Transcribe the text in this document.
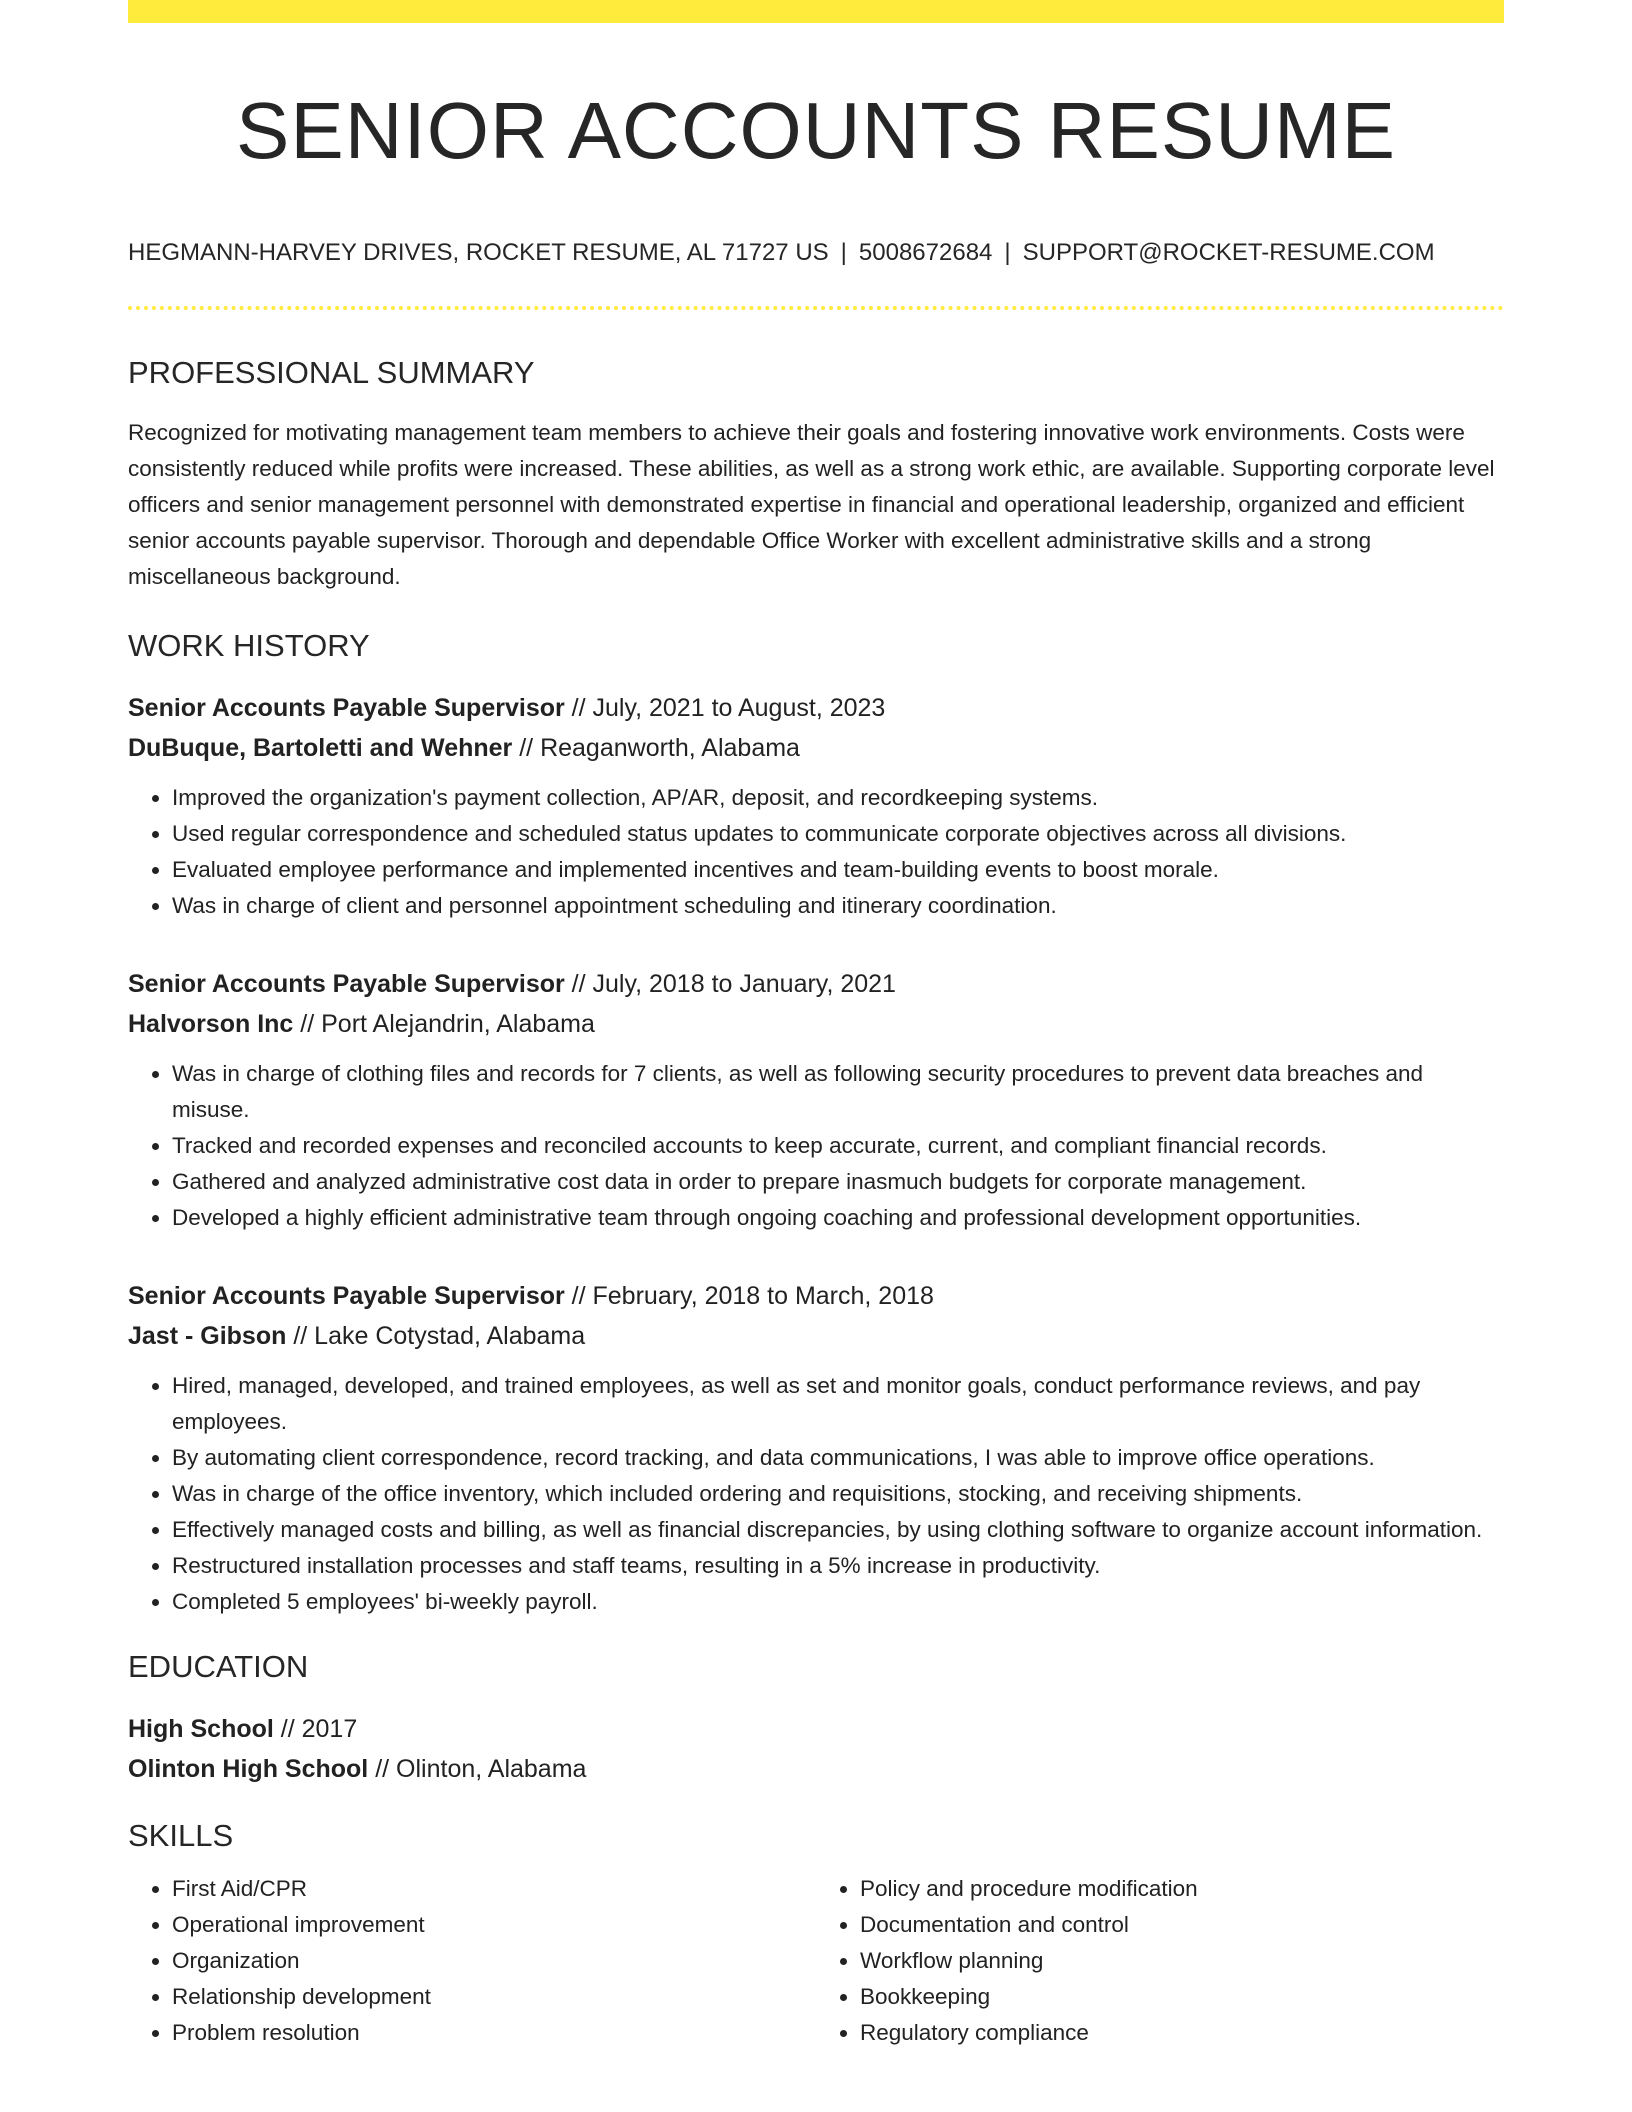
SENIOR ACCOUNTS RESUME
HEGMANN-HARVEY DRIVES, ROCKET RESUME, AL 71727 US | 5008672684 | SUPPORT@ROCKET-RESUME.COM
PROFESSIONAL SUMMARY

Recognized for motivating management team members to achieve their goals and fostering innovative work environments. Costs were consistently reduced while profits were increased. These abilities, as well as a strong work ethic, are available. Supporting corporate level officers and senior management personnel with demonstrated expertise in financial and operational leadership, organized and efficient senior accounts payable supervisor. Thorough and dependable Office Worker with excellent administrative skills and a strong miscellaneous background.

WORK HISTORY
Senior Accounts Payable Supervisor // July, 2021 to August, 2023
DuBuque, Bartoletti and Wehner // Reaganworth, Alabama
• Improved the organization's payment collection, AP/AR, deposit, and recordkeeping systems.
• Used regular correspondence and scheduled status updates to communicate corporate objectives across all divisions.
• Evaluated employee performance and implemented incentives and team-building events to boost morale.
• Was in charge of client and personnel appointment scheduling and itinerary coordination.
Senior Accounts Payable Supervisor // July, 2018 to January, 2021
Halvorson Inc // Port Alejandrin, Alabama
• Was in charge of clothing files and records for 7 clients, as well as following security procedures to prevent data breaches and misuse.
• Tracked and recorded expenses and reconciled accounts to keep accurate, current, and compliant financial records.
• Gathered and analyzed administrative cost data in order to prepare inasmuch budgets for corporate management.
• Developed a highly efficient administrative team through ongoing coaching and professional development opportunities.
Senior Accounts Payable Supervisor // February, 2018 to March, 2018
Jast - Gibson // Lake Cotystad, Alabama
• Hired, managed, developed, and trained employees, as well as set and monitor goals, conduct performance reviews, and pay employees.
• By automating client correspondence, record tracking, and data communications, I was able to improve office operations.
• Was in charge of the office inventory, which included ordering and requisitions, stocking, and receiving shipments.
• Effectively managed costs and billing, as well as financial discrepancies, by using clothing software to organize account information.
• Restructured installation processes and staff teams, resulting in a 5% increase in productivity.
• Completed 5 employees' bi-weekly payroll.
EDUCATION
High School // 2017
Olinton High School // Olinton, Alabama
SKILLS
• First Aid/CPR
• Operational improvement
• Organization
• Relationship development
• Problem resolution
• Policy and procedure modification
• Documentation and control
• Workflow planning
• Bookkeeping
• Regulatory compliance
